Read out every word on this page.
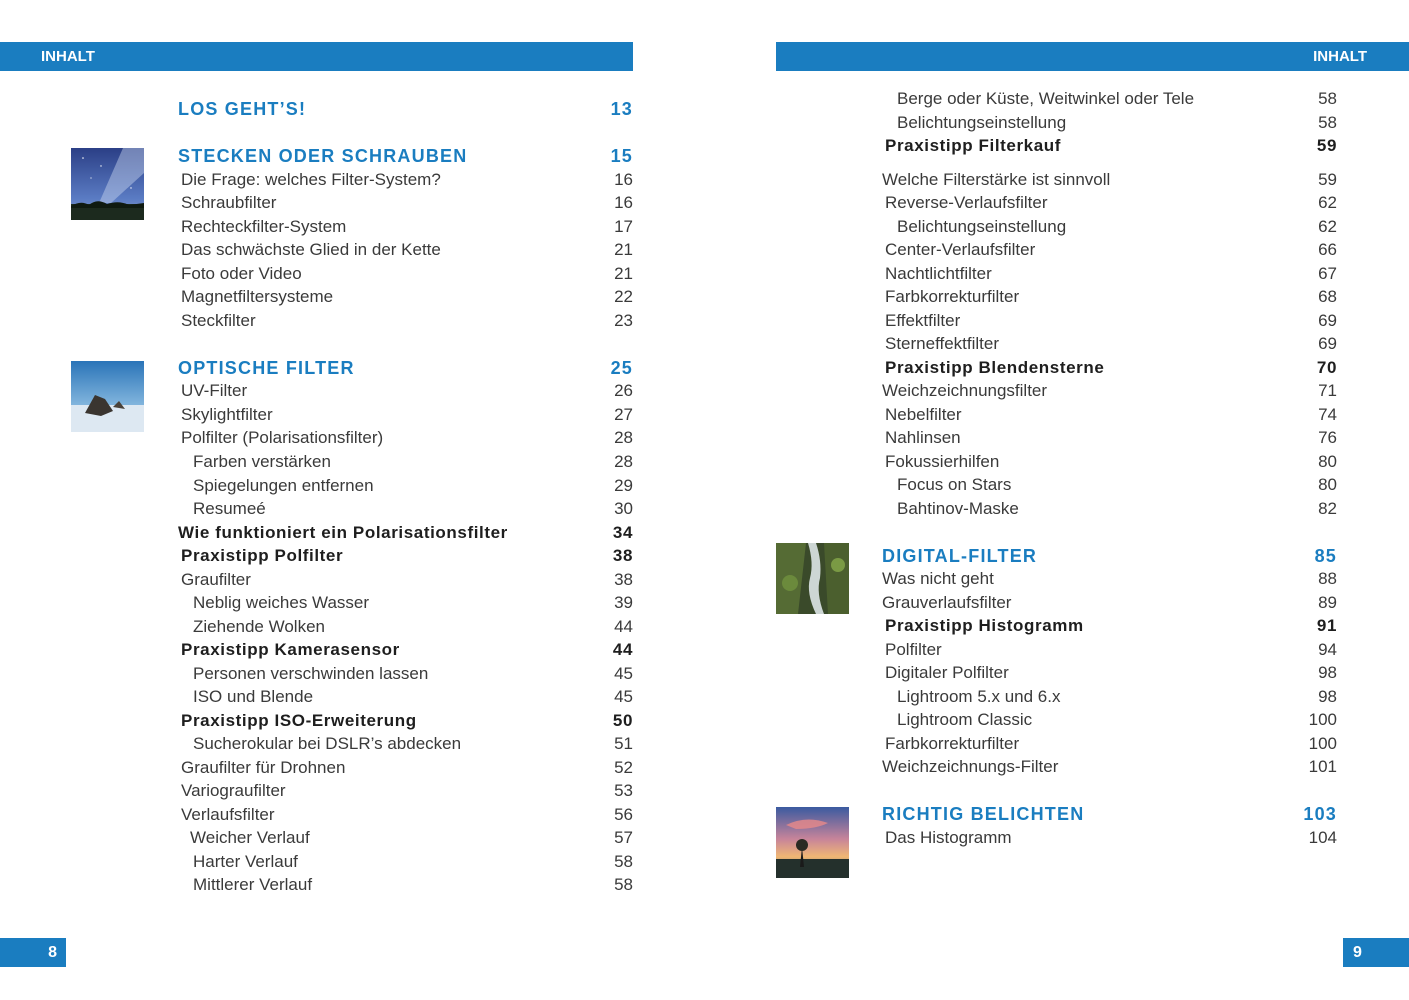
INHALT	INHALT
LOS GEHT’S!	13
STECKEN ODER SCHRAUBEN	15
Die Frage: welches Filter-System?	16
Schraubfilter	16
Rechteckfilter-System	17
Das schwächste Glied in der Kette	21
Foto oder Video	21
Magnetfiltersysteme	22
Steckfilter	23
OPTISCHE FILTER	25
UV-Filter	26
Skylightfilter	27
Polfilter (Polarisationsfilter)	28
Farben verstärken	28
Spiegelungen entfernen	29
Resumeé	30
Wie funktioniert ein Polarisationsfilter	34
Praxistipp Polfilter	38
Graufilter	38
Neblig weiches Wasser	39
Ziehende Wolken	44
Praxistipp Kamerasensor	44
Personen verschwinden lassen	45
ISO und Blende	45
Praxistipp ISO-Erweiterung	50
Sucherokular bei DSLR’s abdecken	51
Graufilter für Drohnen	52
Variograufilter	53
Verlaufsfilter	56
Weicher Verlauf	57
Harter Verlauf	58
Mittlerer Verlauf	58
Berge oder Küste, Weitwinkel oder Tele	58
Belichtungseinstellung	58
Praxistipp Filterkauf	59
Welche Filterstärke ist sinnvoll	59
Reverse-Verlaufsfilter	62
Belichtungseinstellung	62
Center-Verlaufsfilter	66
Nachtlichtfilter	67
Farbkorrekturfilter	68
Effektfilter	69
Sterneffektfilter	69
Praxistipp Blendensterne	70
Weichzeichnungsfilter	71
Nebelfilter	74
Nahlinsen	76
Fokussierhilfen	80
Focus on Stars	80
Bahtinov-Maske	82
DIGITAL-FILTER	85
Was nicht geht	88
Grauverlaufsfilter	89
Praxistipp Histogramm	91
Polfilter	94
Digitaler Polfilter	98
Lightroom 5.x und 6.x	98
Lightroom Classic	100
Farbkorrekturfilter	100
Weichzeichnungs-Filter	101
RICHTIG BELICHTEN	103
Das Histogramm	104
8	9
